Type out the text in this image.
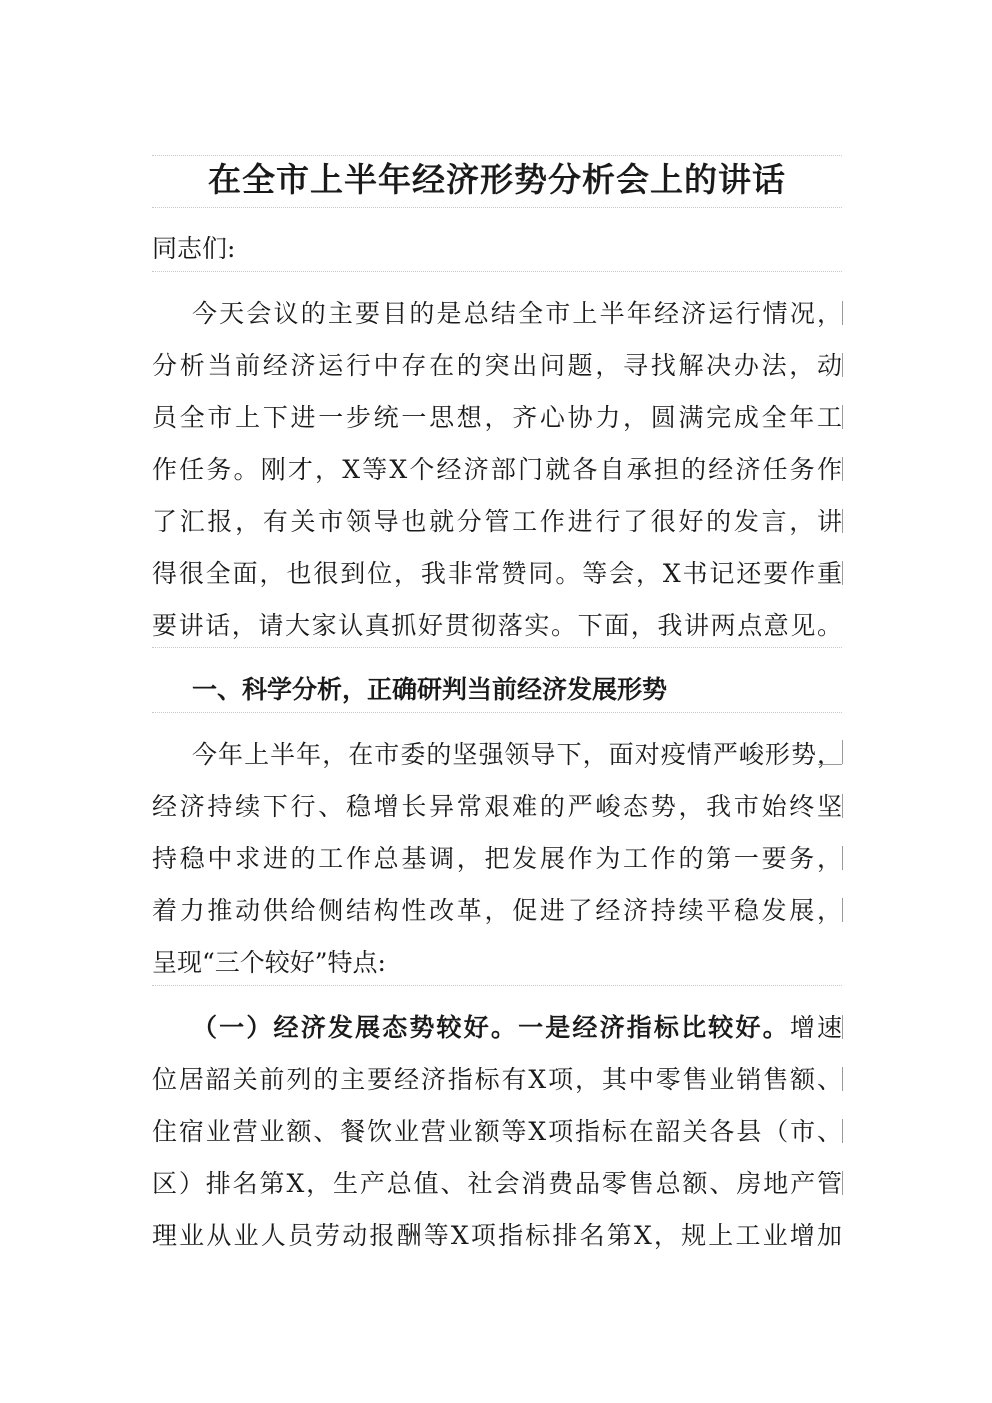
在全市上半年经济形势分析会上的讲话
同志们:
今天会议的主要目的是总结全市上半年经济运行情况，
分析当前经济运行中存在的突出问题，寻找解决办法，动
员全市上下进一步统一思想，齐心协力，圆满完成全年工
作任务。刚才，X等X个经济部门就各自承担的经济任务作
了汇报，有关市领导也就分管工作进行了很好的发言，讲
得很全面，也很到位，我非常赞同。等会，X书记还要作重
要讲话，请大家认真抓好贯彻落实。下面，我讲两点意见。
一、科学分析，正确研判当前经济发展形势
今年上半年，在市委的坚强领导下，面对疫情严峻形势，
经济持续下行、稳增长异常艰难的严峻态势，我市始终坚
持稳中求进的工作总基调，把发展作为工作的第一要务，
着力推动供给侧结构性改革，促进了经济持续平稳发展，
呈现“三个较好”特点:
（一）经济发展态势较好。一是经济指标比较好。增速
位居韶关前列的主要经济指标有X项，其中零售业销售额、
住宿业营业额、餐饮业营业额等X项指标在韶关各县（市、
区）排名第X，生产总值、社会消费品零售总额、房地产管
理业从业人员劳动报酬等X项指标排名第X，规上工业增加
